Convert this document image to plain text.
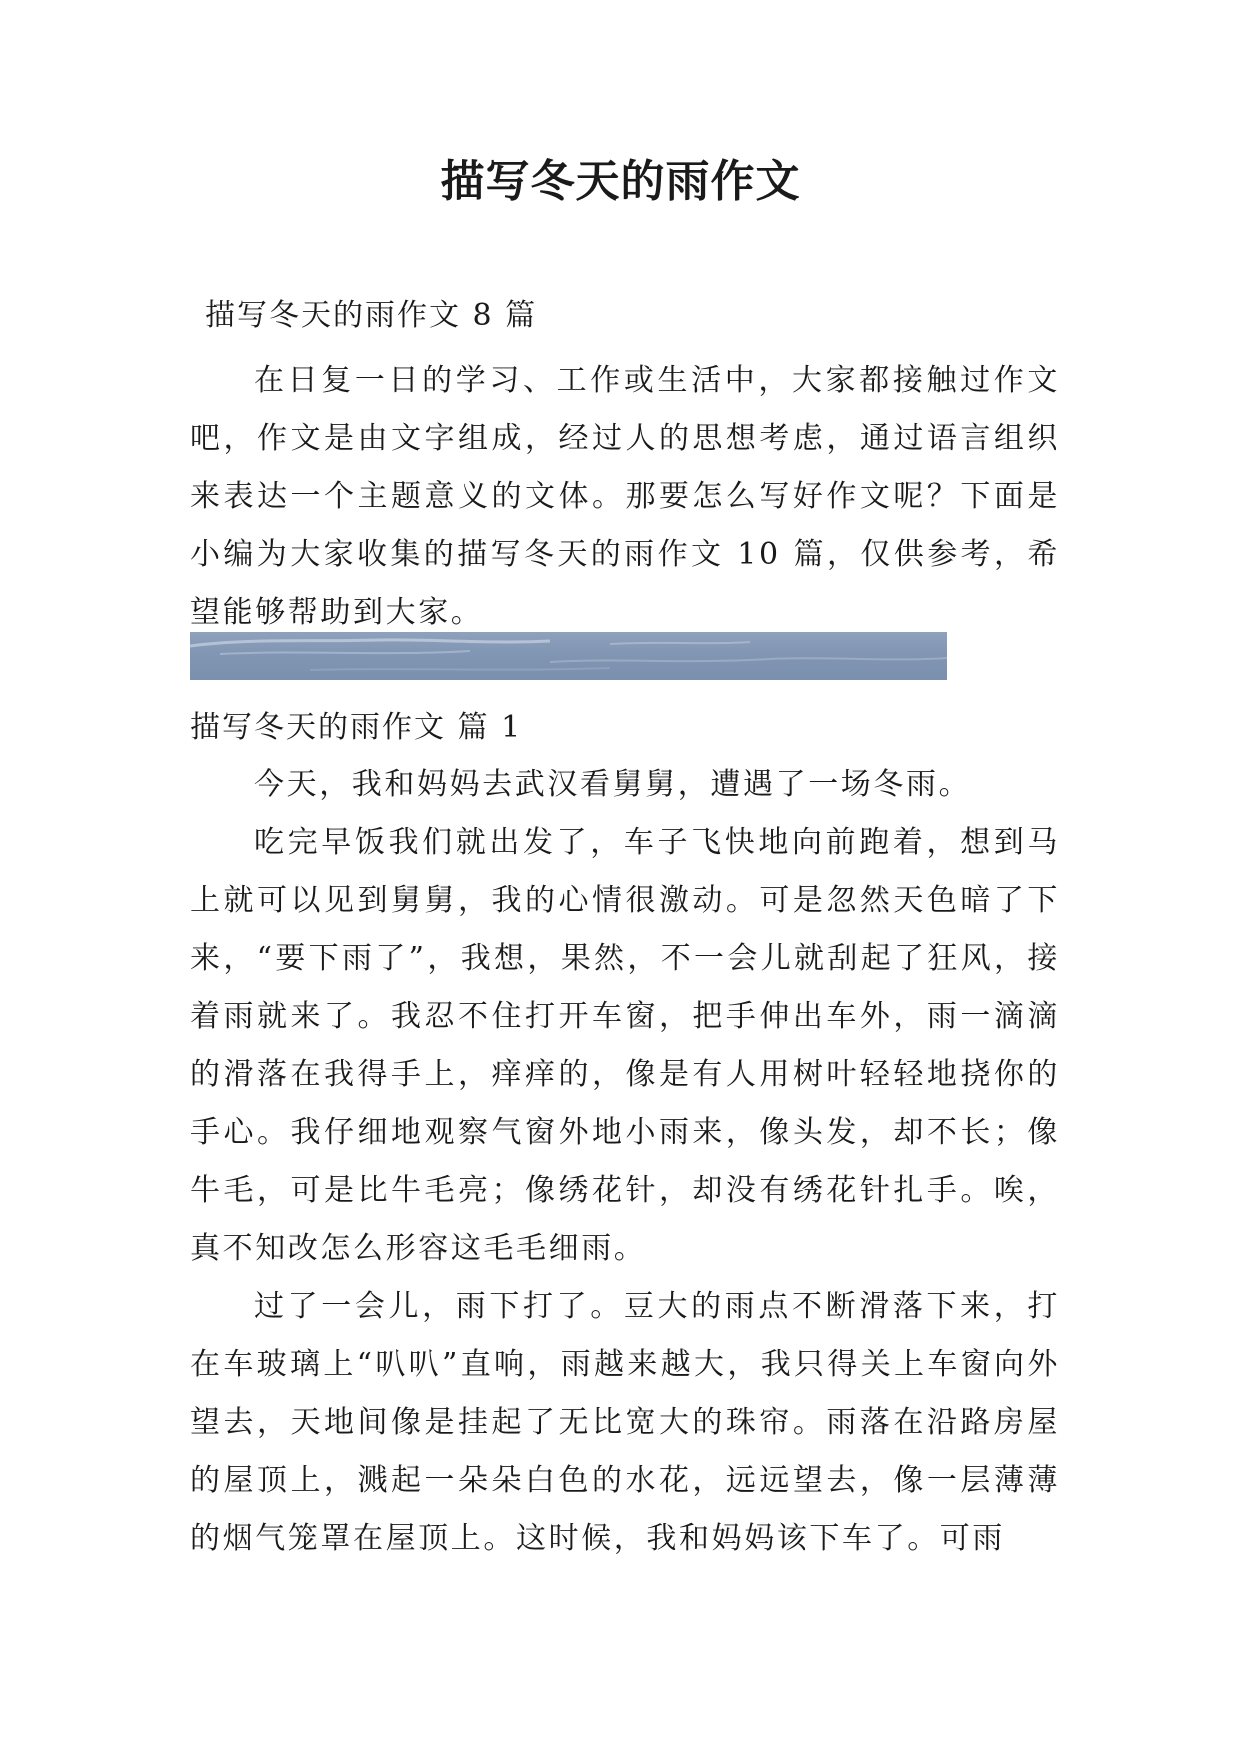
描写冬天的雨作文

描写冬天的雨作文 8 篇

在日复一日的学习、工作或生活中，大家都接触过作文吧，作文是由文字组成，经过人的思想考虑，通过语言组织来表达一个主题意义的文体。那要怎么写好作文呢？下面是小编为大家收集的描写冬天的雨作文 10 篇，仅供参考，希望能够帮助到大家。

描写冬天的雨作文 篇 1

今天，我和妈妈去武汉看舅舅，遭遇了一场冬雨。

吃完早饭我们就出发了，车子飞快地向前跑着，想到马上就可以见到舅舅，我的心情很激动。可是忽然天色暗了下来，“要下雨了”，我想，果然，不一会儿就刮起了狂风，接着雨就来了。我忍不住打开车窗，把手伸出车外，雨一滴滴的滑落在我得手上，痒痒的，像是有人用树叶轻轻地挠你的手心。我仔细地观察气窗外地小雨来，像头发，却不长；像牛毛，可是比牛毛亮；像绣花针，却没有绣花针扎手。唉，真不知改怎么形容这毛毛细雨。

过了一会儿，雨下打了。豆大的雨点不断滑落下来，打在车玻璃上“叭叭”直响，雨越来越大，我只得关上车窗向外望去，天地间像是挂起了无比宽大的珠帘。雨落在沿路房屋的屋顶上，溅起一朵朵白色的水花，远远望去，像一层薄薄的烟气笼罩在屋顶上。这时候，我和妈妈该下车了。可雨
